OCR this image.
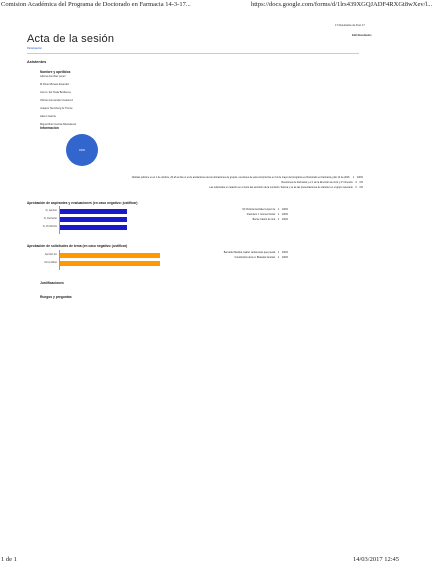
Comision Académica del Programa de Doctorado en Farmacia 14-3-17...	https://docs.google.com/forms/d/1lrs439XGQJADF4RXGt8wXev/l...
1 de 1	14/03/2017 12:45
17 Resultados de Fran 17
Edit Resultados
Acta de la sesión
Participación
Asistentes
Nombre y apellidos
Adsina domblez perez
M.Pérez-Bowes Enandez
Ana G. del Tesla Bordenes
Ofertes Fernandez Gutierrez
Joaquín Sternberg Ar Ponce
Ademi Garcia
Miguel Ruiz-Garcia Albandenez
Información
100%
Noticias (elimine en el 1 de octubre, 20 añ el día en el de anotaciones de las ubicaciones de grupos, reuniones de esta compromiso en 14 de mayo del programa es Doctorado en Farmacia, julio 14 de 2016. 1 100%
Reuniones de Farmacia y el 1 de la dirección de ciclo y 2º trimestre 0 0%
Las solicitudes en relación en el texto del escritorio de la comisión, Selena y se de las presentaciones de carácter en el grupo relevante 0 0%
Aprobación de aspirantes y evaluaciones (en caso negativo: justificar)
Sí, Aprobar
Sí, Rechazar
Sí, ProhibirNo
Mª Victoria González López de 1 100%
Francisco J. Gomez Durán 1 100%
Bernie Castro de Ima 1 100%
Aprobación de solicitudes de tema (en caso negativo: justificar)
Aprobar Sin
Otros Alibrar
Bernardo Medina, Isabel, tantas tesis que pueda 1 100%
Constitución dent el. Bioastan Gracian 1 100%
Justificaciones
Ruegos y preguntas
